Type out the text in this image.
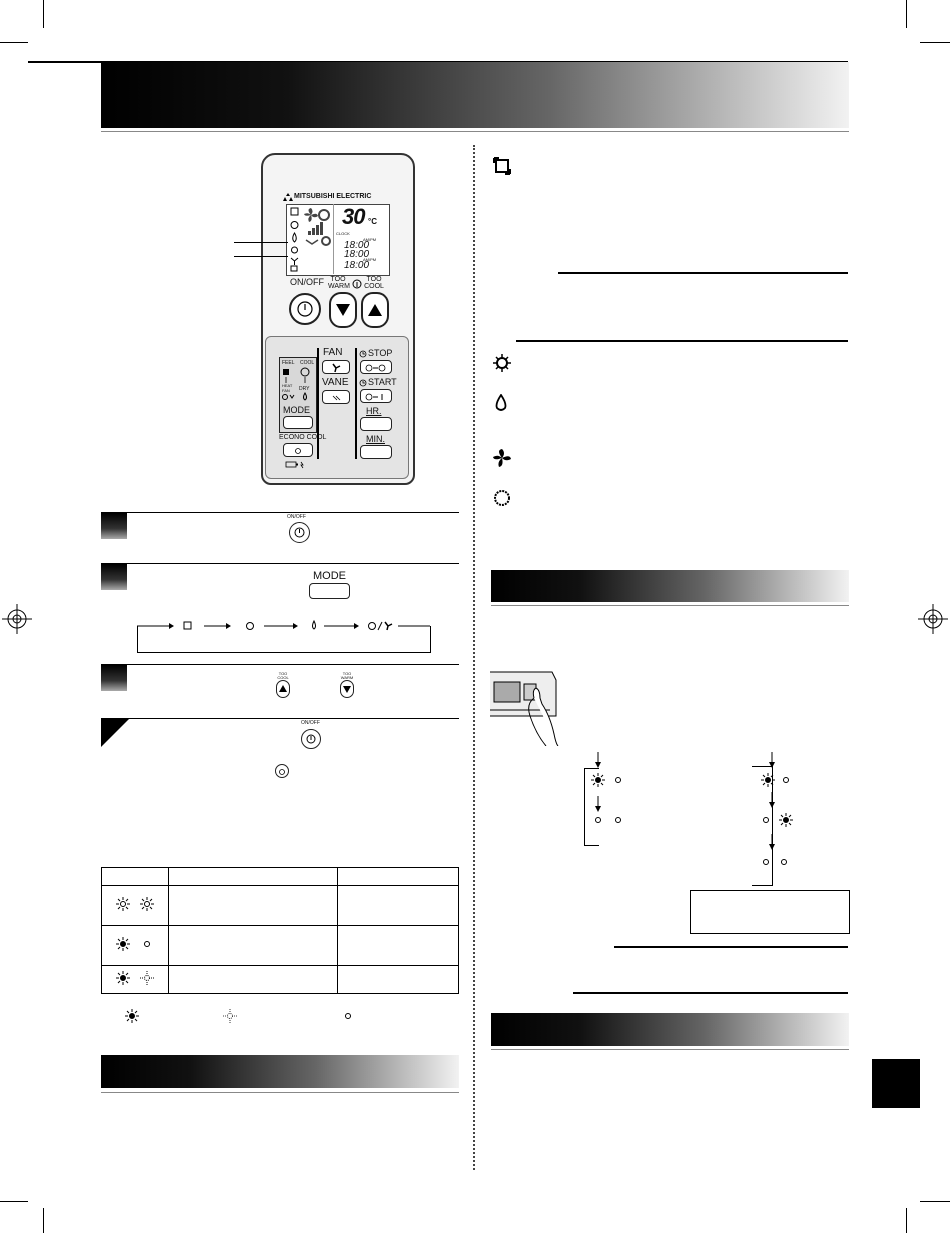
MITSUBISHI ELECTRIC
30 °C
CLOCK
AM/PM
18:00
18:00
AM/PM
18:00
ON/OFF TOO WARM
TOO COOL
FEEL COOL
HEAT
FAN DRY
MODE
ECONO COOL
FAN
VANE
STOP
START
HR.
MIN.
ON/OFF
MODE
TOO COOL
TOO WARM
ON/OFF
